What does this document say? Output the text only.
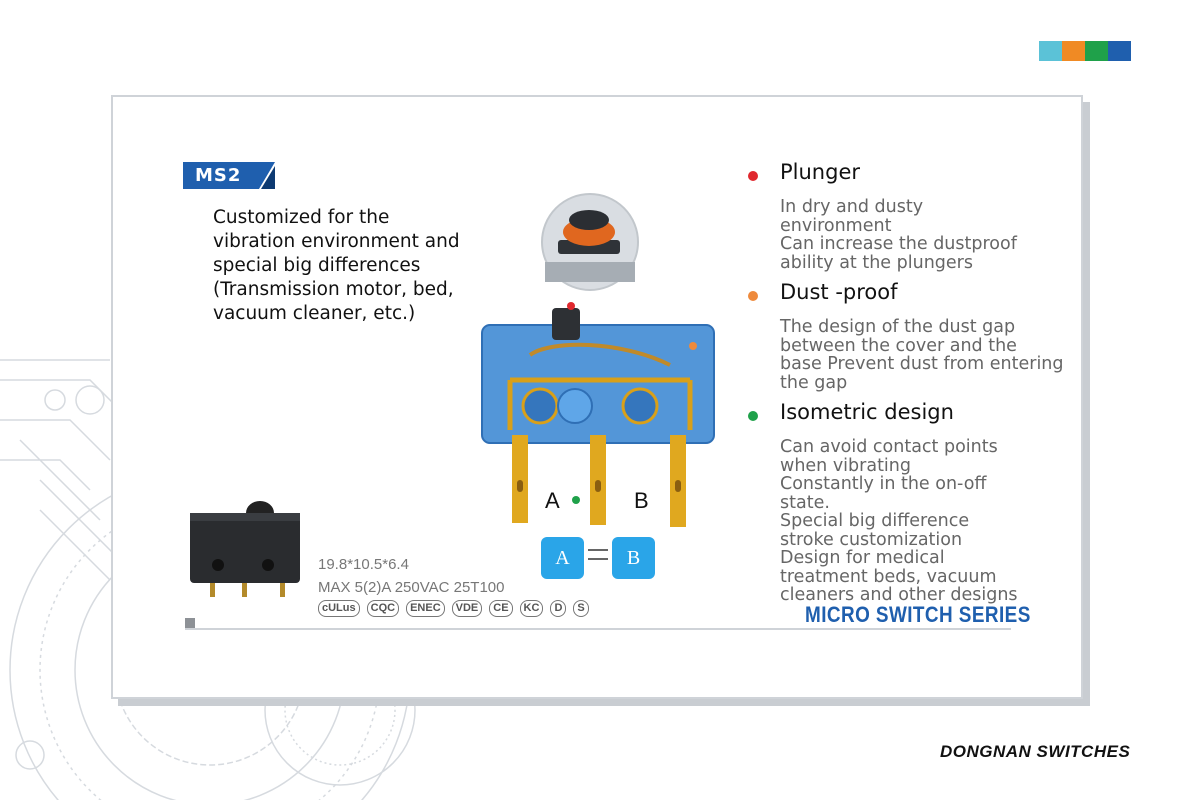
MS2
Customized for the
vibration environment and
special big differences
(Transmission motor, bed,
vacuum cleaner, etc.)
A	B
A	B
19.8*10.5*6.4
MAX 5(2)A 250VAC 25T100
cULus	CQC	ENEC	VDE	CE	KC	D	S
Plunger
In dry and dusty
environment
Can increase the dustproof
ability at the plungers
Dust -proof
The design of the dust gap
between the cover and the
base Prevent dust from entering
the gap
Isometric design
Can avoid contact points
when vibrating
Constantly in the on-off
state.
Special big difference
stroke customization
Design for medical
treatment beds, vacuum
cleaners and other designs
MICRO SWITCH SERIES
DONGNAN SWITCHES
